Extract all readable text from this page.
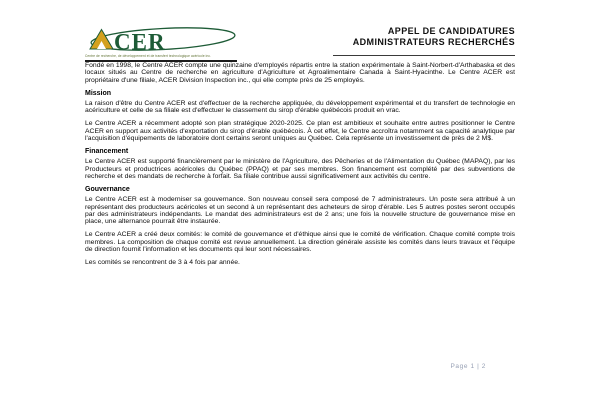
CER
Centre de recherche, de développement et de transfert technologique acéricole inc.
APPEL DE CANDIDATURES
ADMINISTRATEURS RECHERCHÉS

Fondé en 1998, le Centre ACER compte une quinzaine d'employés répartis entre la station expérimentale à Saint-Norbert-d'Arthabaska et des locaux situés au Centre de recherche en agriculture d'Agriculture et Agroalimentaire Canada à Saint-Hyacinthe. Le Centre ACER est propriétaire d'une filiale, ACER Division Inspection inc., qui elle compte près de 25 employés.

Mission

La raison d'être du Centre ACER est d'effectuer de la recherche appliquée, du développement expérimental et du transfert de technologie en acériculture et celle de sa filiale est d'effectuer le classement du sirop d'érable québécois produit en vrac.

Le Centre ACER a récemment adopté son plan stratégique 2020-2025. Ce plan est ambitieux et souhaite entre autres positionner le Centre ACER en support aux activités d'exportation du sirop d'érable québécois. À cet effet, le Centre accroîtra notamment sa capacité analytique par l'acquisition d'équipements de laboratoire dont certains seront uniques au Québec. Cela représente un investissement de près de 2 M$.

Financement

Le Centre ACER est supporté financièrement par le ministère de l'Agriculture, des Pêcheries et de l'Alimentation du Québec (MAPAQ), par les Producteurs et productrices acéricoles du Québec (PPAQ) et par ses membres. Son financement est complété par des subventions de recherche et des mandats de recherche à forfait. Sa filiale contribue aussi significativement aux activités du centre.

Gouvernance

Le Centre ACER est à moderniser sa gouvernance. Son nouveau conseil sera composé de 7 administrateurs. Un poste sera attribué à un représentant des producteurs acéricoles et un second à un représentant des acheteurs de sirop d'érable. Les 5 autres postes seront occupés par des administrateurs indépendants. Le mandat des administrateurs est de 2 ans; une fois la nouvelle structure de gouvernance mise en place, une alternance pourrait être instaurée.

Le Centre ACER a créé deux comités: le comité de gouvernance et d'éthique ainsi que le comité de vérification. Chaque comité compte trois membres. La composition de chaque comité est revue annuellement. La direction générale assiste les comités dans leurs travaux et l'équipe de direction fournit l'information et les documents qui leur sont nécessaires.

Les comités se rencontrent de 3 à 4 fois par année.

Page 1 | 2
